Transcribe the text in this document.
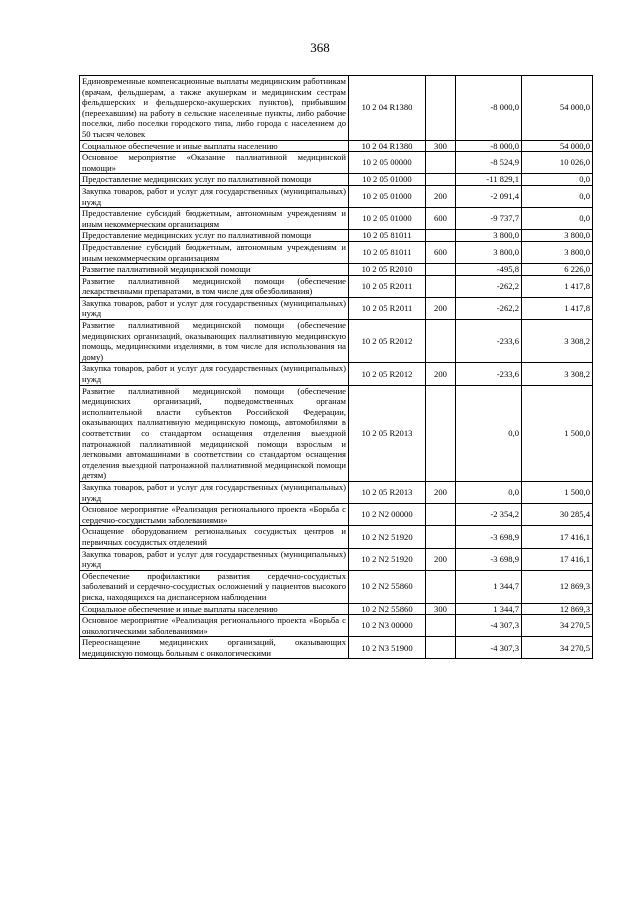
368
Единовременные компенсационные выплаты медицинским работникам (врачам, фельдшерам, а также акушеркам и медицинским сестрам фельдшерских и фельдшерско-акушерских пунктов), прибывшим (переехавшим) на работу в сельские населенные пункты, либо рабочие поселки, либо поселки городского типа, либо города с населением до 50 тысяч человек	10 2 04 R1380		-8 000,0	54 000,0
Социальное обеспечение и иные выплаты населению	10 2 04 R1380	300	-8 000,0	54 000,0
Основное мероприятие «Оказание паллиативной медицинской помощи»	10 2 05 00000		-8 524,9	10 026,0
Предоставление медицинских услуг по паллиативной помощи	10 2 05 01000		-11 829,1	0,0
Закупка товаров, работ и услуг для государственных (муниципальных) нужд	10 2 05 01000	200	-2 091,4	0,0
Предоставление субсидий бюджетным, автономным учреждениям и иным некоммерческим организациям	10 2 05 01000	600	-9 737,7	0,0
Предоставление медицинских услуг по паллиативной помощи	10 2 05 81011		3 800,0	3 800,0
Предоставление субсидий бюджетным, автономным учреждениям и иным некоммерческим организациям	10 2 05 81011	600	3 800,0	3 800,0
Развитие паллиативной медицинской помощи	10 2 05 R2010		-495,8	6 226,0
Развитие паллиативной медицинской помощи (обеспечение лекарственными препаратами, в том числе для обезболивания)	10 2 05 R2011		-262,2	1 417,8
Закупка товаров, работ и услуг для государственных (муниципальных) нужд	10 2 05 R2011	200	-262,2	1 417,8
Развитие паллиативной медицинской помощи (обеспечение медицинских организаций, оказывающих паллиативную медицинскую помощь, медицинскими изделиями, в том числе для использования на дому)	10 2 05 R2012		-233,6	3 308,2
Закупка товаров, работ и услуг для государственных (муниципальных) нужд	10 2 05 R2012	200	-233,6	3 308,2
Развитие паллиативной медицинской помощи (обеспечение медицинских организаций, подведомственных органам исполнительной власти субъектов Российской Федерации, оказывающих паллиативную медицинскую помощь, автомобилями в соответствии со стандартом оснащения отделения выездной патронажной паллиативной медицинской помощи взрослым и легковыми автомашинами в соответствии со стандартом оснащения отделения выездной патронажной паллиативной медицинской помощи детям)	10 2 05 R2013		0,0	1 500,0
Закупка товаров, работ и услуг для государственных (муниципальных) нужд	10 2 05 R2013	200	0,0	1 500,0
Основное мероприятие «Реализация регионального проекта «Борьба с сердечно-сосудистыми заболеваниями»	10 2 N2 00000		-2 354,2	30 285,4
Оснащение оборудованием региональных сосудистых центров и первичных сосудистых отделений	10 2 N2 51920		-3 698,9	17 416,1
Закупка товаров, работ и услуг для государственных (муниципальных) нужд	10 2 N2 51920	200	-3 698,9	17 416,1
Обеспечение профилактики развития сердечно-сосудистых заболеваний и сердечно-сосудистых осложнений у пациентов высокого риска, находящихся на диспансерном наблюдении	10 2 N2 55860		1 344,7	12 869,3
Социальное обеспечение и иные выплаты населению	10 2 N2 55860	300	1 344,7	12 869,3
Основное мероприятие «Реализация регионального проекта «Борьба с онкологическими заболеваниями»	10 2 N3 00000		-4 307,3	34 270,5
Переоснащение медицинских организаций, оказывающих медицинскую помощь больным с онкологическими	10 2 N3 51900		-4 307,3	34 270,5
